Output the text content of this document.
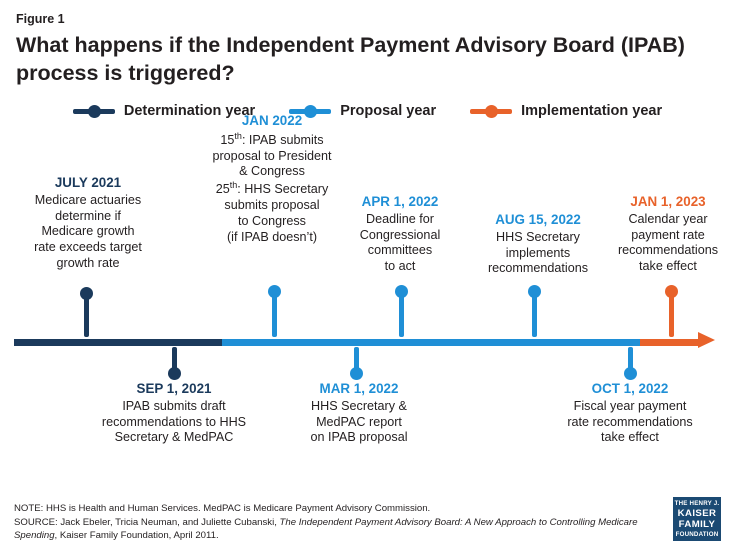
Figure 1
What happens if the Independent Payment Advisory Board (IPAB) process is triggered?
Determination year	Proposal year	Implementation year
JULY 2021
Medicare actuaries
determine if
Medicare growth
rate exceeds target
growth rate
JAN 2022
15th: IPAB submits
proposal to President
& Congress
25th: HHS Secretary
submits proposal
to Congress
(if IPAB doesn’t)
APR 1, 2022
Deadline for
Congressional
committees
to act
AUG 15, 2022
HHS Secretary
implements
recommendations
JAN 1, 2023
Calendar year
payment rate
recommendations
take effect
SEP 1, 2021
IPAB submits draft
recommendations to HHS
Secretary & MedPAC
MAR 1, 2022
HHS Secretary &
MedPAC report
on IPAB proposal
OCT 1, 2022
Fiscal year payment
rate recommendations
take effect
NOTE: HHS is Health and Human Services. MedPAC is Medicare Payment Advisory Commission.
SOURCE: Jack Ebeler, Tricia Neuman, and Juliette Cubanski, The Independent Payment Advisory Board: A New Approach to Controlling Medicare Spending, Kaiser Family Foundation, April 2011.
THE HENRY J.
KAISER
FAMILY
FOUNDATION
